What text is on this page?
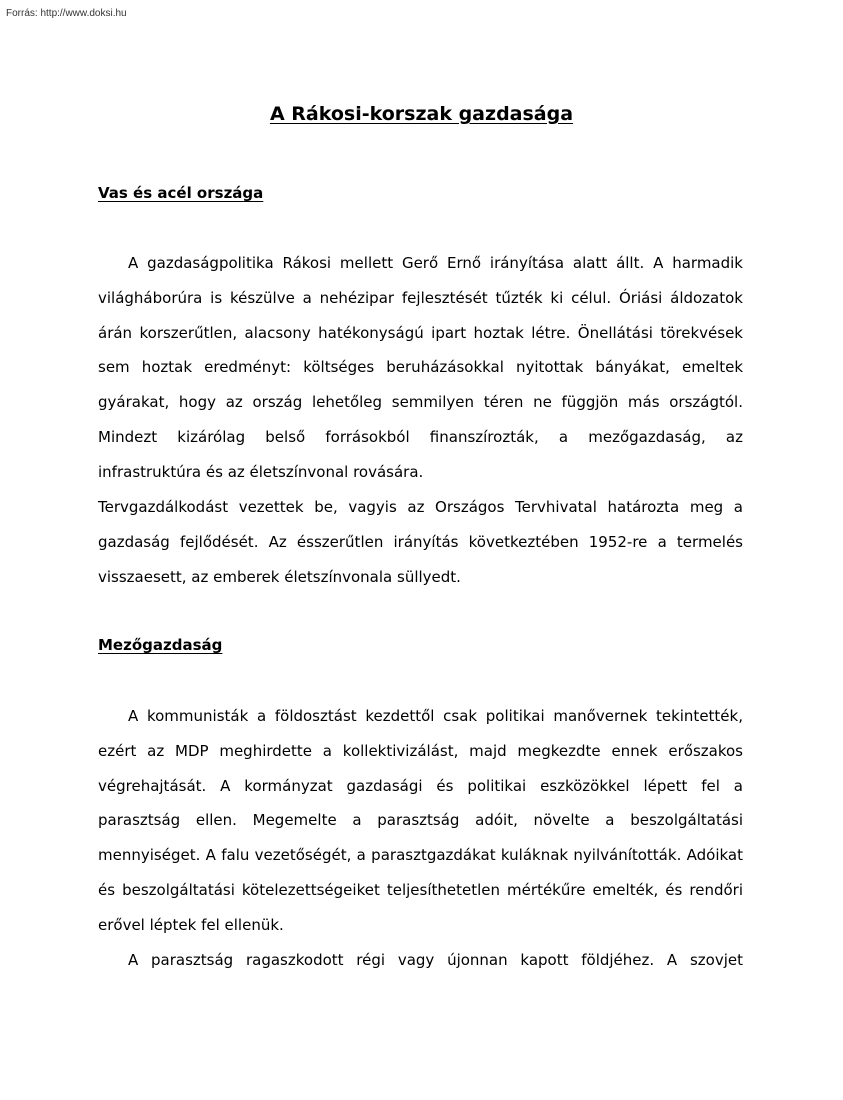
Forrás: http://www.doksi.hu
A Rákosi-korszak gazdasága
Vas és acél országa

A gazdaságpolitika Rákosi mellett Gerő Ernő irányítása alatt állt. A harmadik világháborúra is készülve a nehézipar fejlesztését tűzték ki célul. Óriási áldozatok árán korszerűtlen, alacsony hatékonyságú ipart hoztak létre. Önellátási törekvések sem hoztak eredményt: költséges beruházásokkal nyitottak bányákat, emeltek gyárakat, hogy az ország lehetőleg semmilyen téren ne függjön más országtól. Mindezt kizárólag belső forrásokból finanszírozták, a mezőgazdaság, az infrastruktúra és az életszínvonal rovására.

Tervgazdálkodást vezettek be, vagyis az Országos Tervhivatal határozta meg a gazdaság fejlődését. Az ésszerűtlen irányítás következtében 1952-re a termelés visszaesett, az emberek életszínvonala süllyedt.

Mezőgazdaság

A kommunisták a földosztást kezdettől csak politikai manővernek tekintették, ezért az MDP meghirdette a kollektivizálást, majd megkezdte ennek erőszakos végrehajtását. A kormányzat gazdasági és politikai eszközökkel lépett fel a parasztság ellen. Megemelte a parasztság adóit, növelte a beszolgáltatási mennyiséget. A falu vezetőségét, a parasztgazdákat kuláknak nyilvánították. Adóikat és beszolgáltatási kötelezettségeiket teljesíthetetlen mértékűre emelték, és rendőri erővel léptek fel ellenük.

A parasztság ragaszkodott régi vagy újonnan kapott földjéhez. A szovjet
